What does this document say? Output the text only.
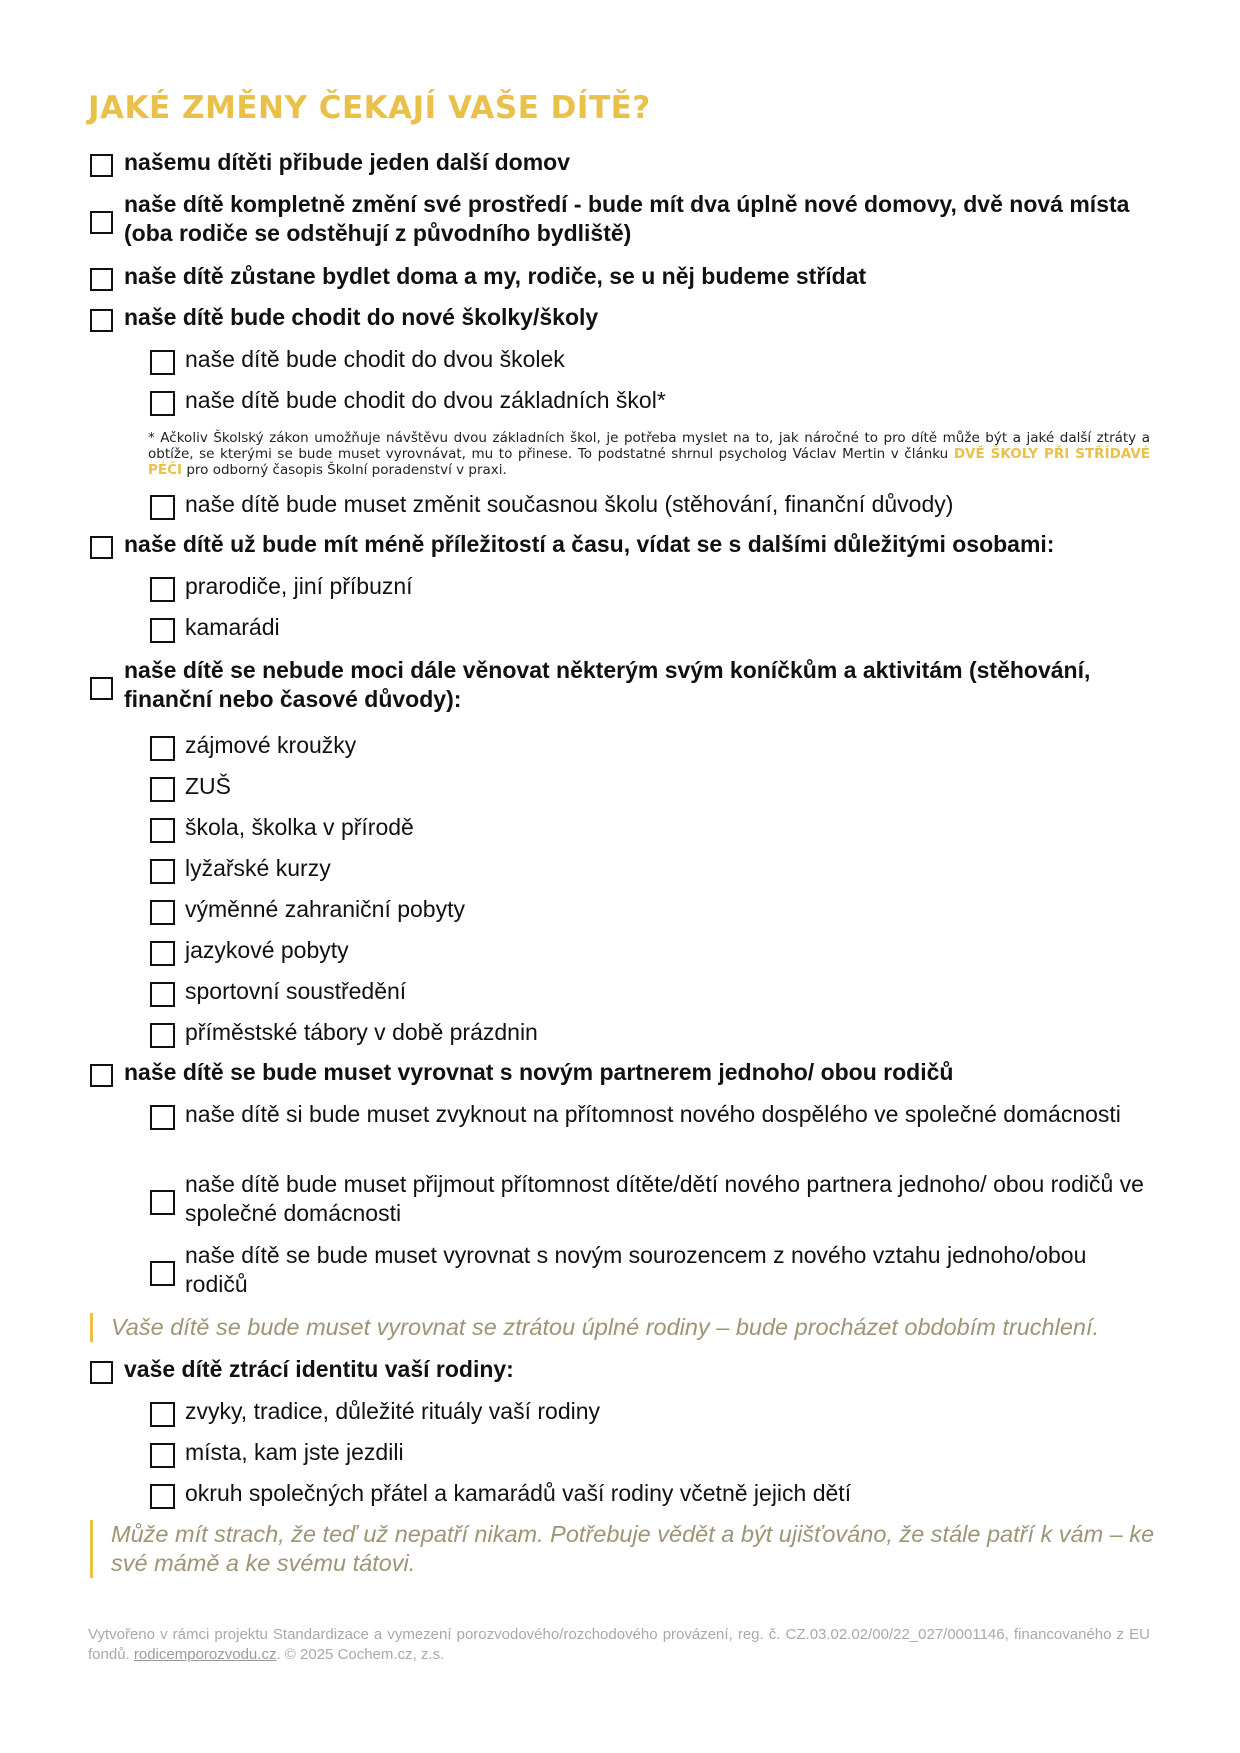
JAKÉ ZMĚNY ČEKAJÍ VAŠE DÍTĚ?
našemu dítěti přibude jeden další domov
naše dítě kompletně změní své prostředí - bude mít dva úplně nové domovy, dvě nová místa (oba rodiče se odstěhují z původního bydliště)
naše dítě zůstane bydlet doma a my, rodiče, se u něj budeme střídat
naše dítě bude chodit do nové školky/školy
naše dítě bude chodit do dvou školek
naše dítě bude chodit do dvou základních škol*

* Ačkoliv Školský zákon umožňuje návštěvu dvou základních škol, je potřeba myslet na to, jak náročné to pro dítě může být a jaké další ztráty a obtíže, se kterými se bude muset vyrovnávat, mu to přinese. To podstatné shrnul psycholog Václav Mertin v článku DVĚ ŠKOLY PŘI STŘÍDAVÉ PÉČI pro odborný časopis Školní poradenství v praxi.

naše dítě bude muset změnit současnou školu (stěhování, finanční důvody)
naše dítě už bude mít méně příležitostí a času, vídat se s dalšími důležitými osobami:
prarodiče, jiní příbuzní
kamarádi
naše dítě se nebude moci dále věnovat některým svým koníčkům a aktivitám (stěhování, finanční nebo časové důvody):
zájmové kroužky
ZUŠ
škola, školka v přírodě
lyžařské kurzy
výměnné zahraniční pobyty
jazykové pobyty
sportovní soustředění
příměstské tábory v době prázdnin
naše dítě se bude muset vyrovnat s novým partnerem jednoho/ obou rodičů
naše dítě si bude muset zvyknout na přítomnost nového dospělého ve společné domácnosti
naše dítě bude muset přijmout přítomnost dítěte/dětí nového partnera jednoho/ obou rodičů ve společné domácnosti
naše dítě se bude muset vyrovnat s novým sourozencem z nového vztahu jednoho/obou rodičů
Vaše dítě se bude muset vyrovnat se ztrátou úplné rodiny – bude procházet obdobím truchlení.
vaše dítě ztrácí identitu vaší rodiny:
zvyky, tradice, důležité rituály vaší rodiny
místa, kam jste jezdili
okruh společných přátel a kamarádů vaší rodiny včetně jejich dětí
Může mít strach, že teď už nepatří nikam. Potřebuje vědět a být ujišťováno, že stále patří k vám – ke své mámě a ke svému tátovi.
Vytvořeno v rámci projektu Standardizace a vymezení porozvodového/rozchodového provázení, reg. č. CZ.03.02.02/00/22_027/0001146, financovaného z EU fondů. rodicemporozvodu.cz. © 2025 Cochem.cz, z.s.
